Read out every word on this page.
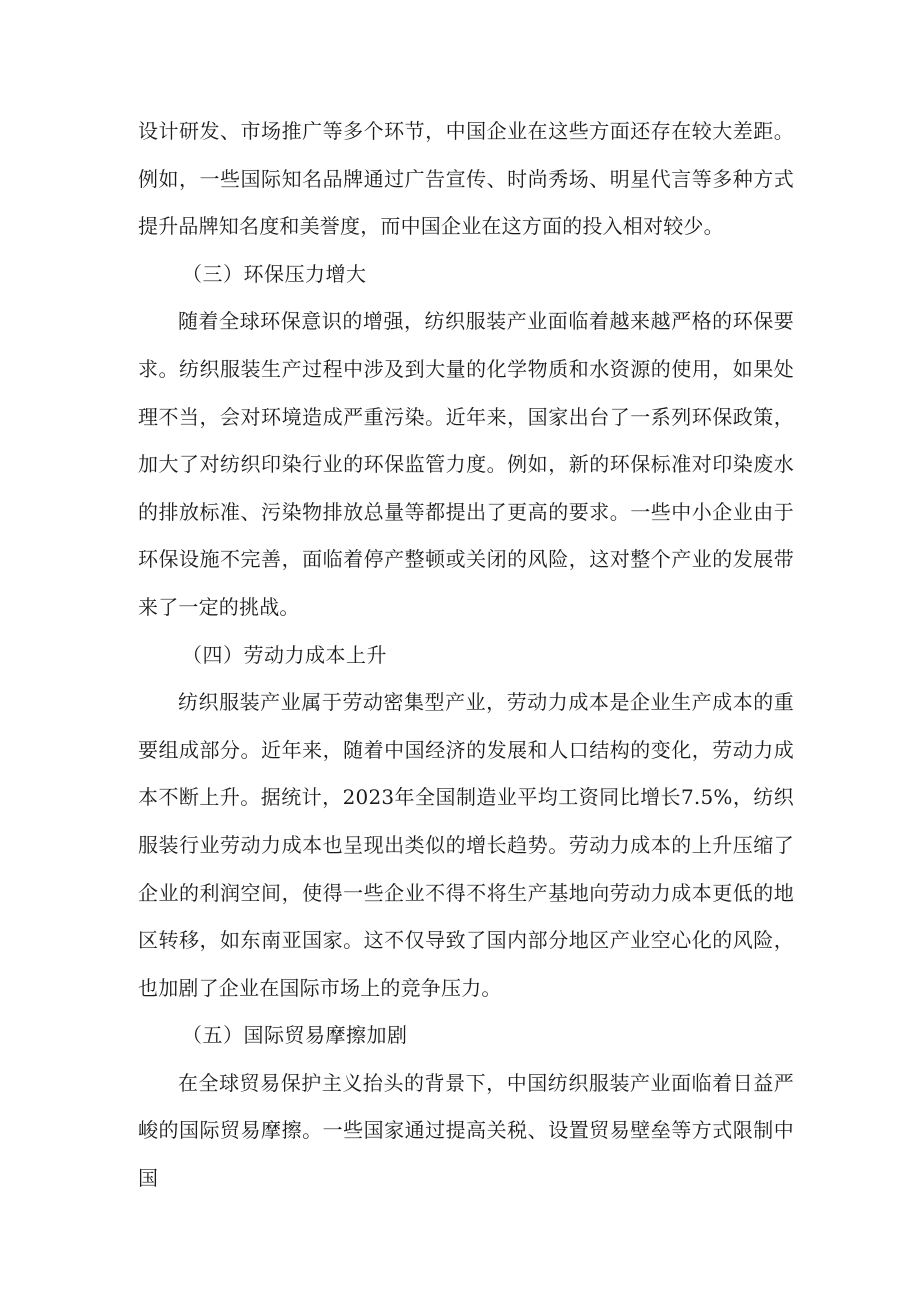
设计研发、市场推广等多个环节，中国企业在这些方面还存在较大差距。例如，一些国际知名品牌通过广告宣传、时尚秀场、明星代言等多种方式提升品牌知名度和美誉度，而中国企业在这方面的投入相对较少。

（三）环保压力增大

随着全球环保意识的增强，纺织服装产业面临着越来越严格的环保要求。纺织服装生产过程中涉及到大量的化学物质和水资源的使用，如果处理不当，会对环境造成严重污染。近年来，国家出台了一系列环保政策，加大了对纺织印染行业的环保监管力度。例如，新的环保标准对印染废水的排放标准、污染物排放总量等都提出了更高的要求。一些中小企业由于环保设施不完善，面临着停产整顿或关闭的风险，这对整个产业的发展带来了一定的挑战。

（四）劳动力成本上升

纺织服装产业属于劳动密集型产业，劳动力成本是企业生产成本的重要组成部分。近年来，随着中国经济的发展和人口结构的变化，劳动力成本不断上升。据统计，2023年全国制造业平均工资同比增长7.5%，纺织服装行业劳动力成本也呈现出类似的增长趋势。劳动力成本的上升压缩了企业的利润空间，使得一些企业不得不将生产基地向劳动力成本更低的地区转移，如东南亚国家。这不仅导致了国内部分地区产业空心化的风险，也加剧了企业在国际市场上的竞争压力。

（五）国际贸易摩擦加剧

在全球贸易保护主义抬头的背景下，中国纺织服装产业面临着日益严峻的国际贸易摩擦。一些国家通过提高关税、设置贸易壁垒等方式限制中国
